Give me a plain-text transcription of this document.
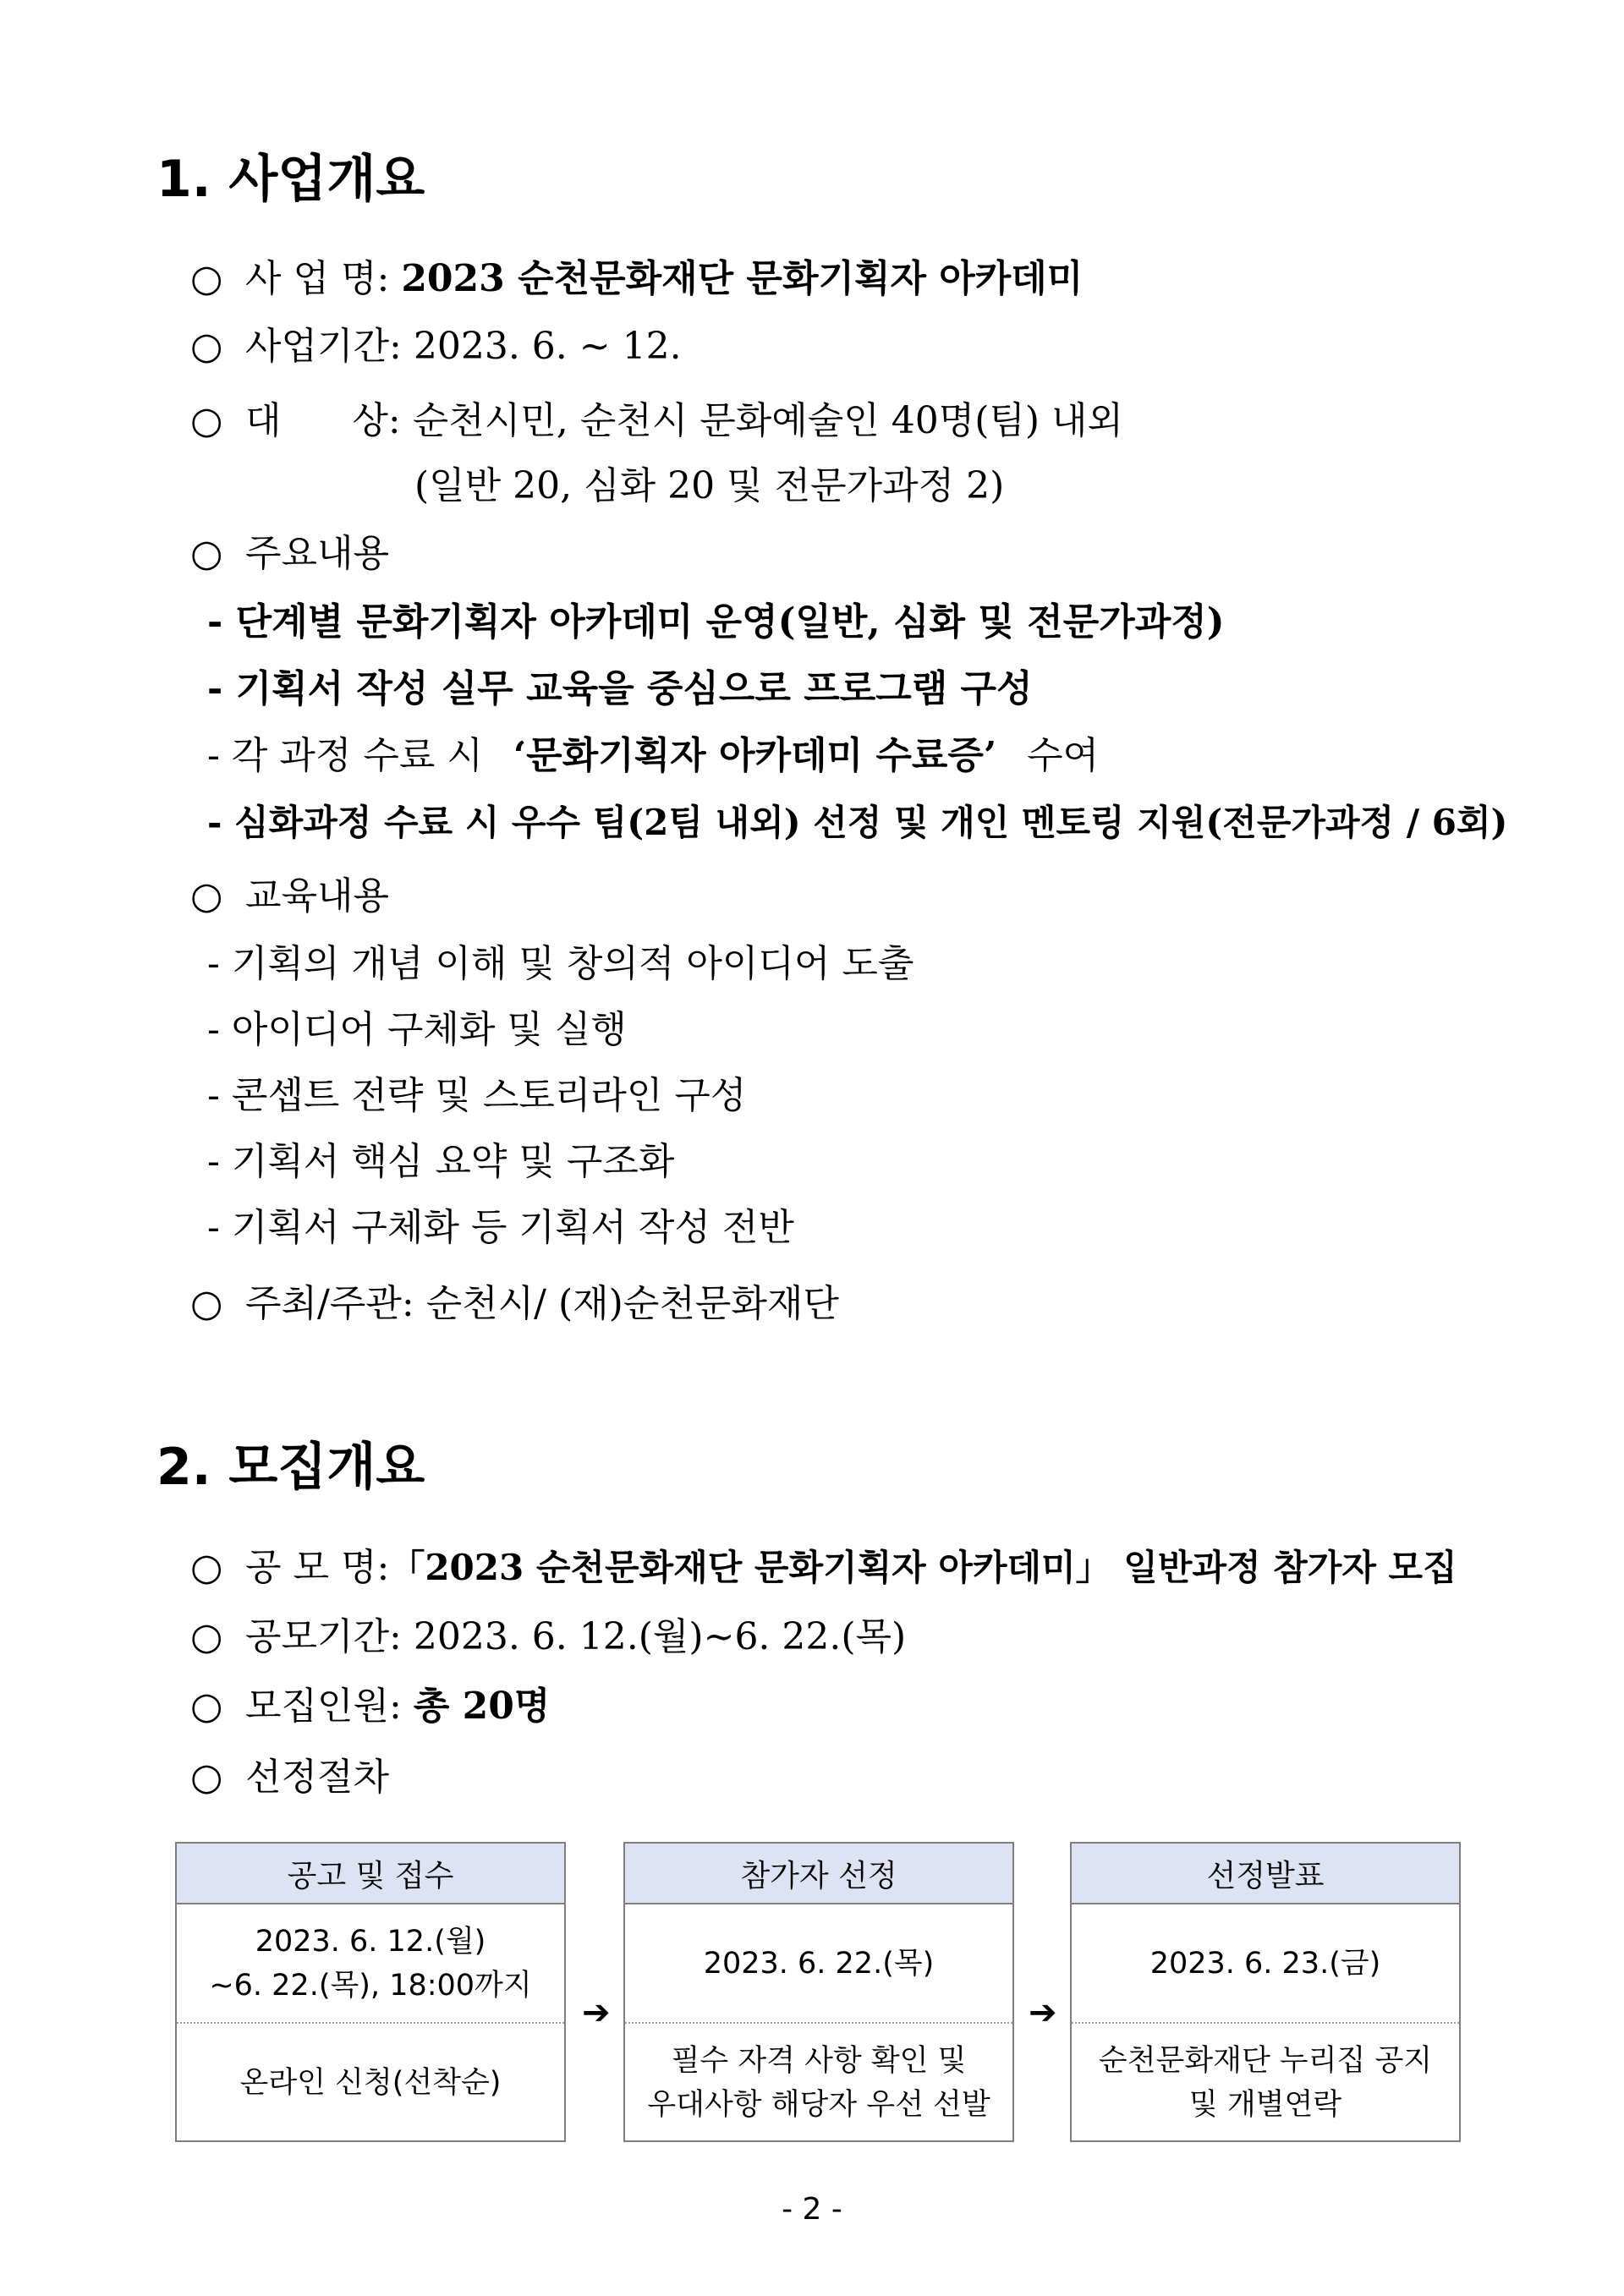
1. 사업개요
○ 사 업 명: 2023 순천문화재단 문화기획자 아카데미
○ 사업기간: 2023. 6. ~ 12.
○ 대      상: 순천시민, 순천시 문화예술인 40명(팀) 내외
(일반 20, 심화 20 및 전문가과정 2)
○ 주요내용
- 단계별 문화기획자 아카데미 운영(일반, 심화 및 전문가과정)
- 기획서 작성 실무 교육을 중심으로 프로그램 구성
- 각 과정 수료 시 ‘문화기획자 아카데미 수료증’ 수여
- 심화과정 수료 시 우수 팀(2팀 내외) 선정 및 개인 멘토링 지원(전문가과정 / 6회)
○ 교육내용
- 기획의 개념 이해 및 창의적 아이디어 도출
- 아이디어 구체화 및 실행
- 콘셉트 전략 및 스토리라인 구성
- 기획서 핵심 요약 및 구조화
- 기획서 구체화 등 기획서 작성 전반
○ 주최/주관: 순천시/ (재)순천문화재단
2. 모집개요
○ 공 모 명:「2023 순천문화재단 문화기획자 아카데미」 일반과정 참가자 모집
○ 공모기간: 2023. 6. 12.(월)~6. 22.(목)
○ 모집인원: 총 20명
○ 선정절차
공고 및 접수
2023. 6. 12.(월)
~6. 22.(목), 18:00까지
온라인 신청(선착순)
➔
참가자 선정
2023. 6. 22.(목)
필수 자격 사항 확인 및
우대사항 해당자 우선 선발
➔
선정발표
2023. 6. 23.(금)
순천문화재단 누리집 공지
및 개별연락
- 2 -
